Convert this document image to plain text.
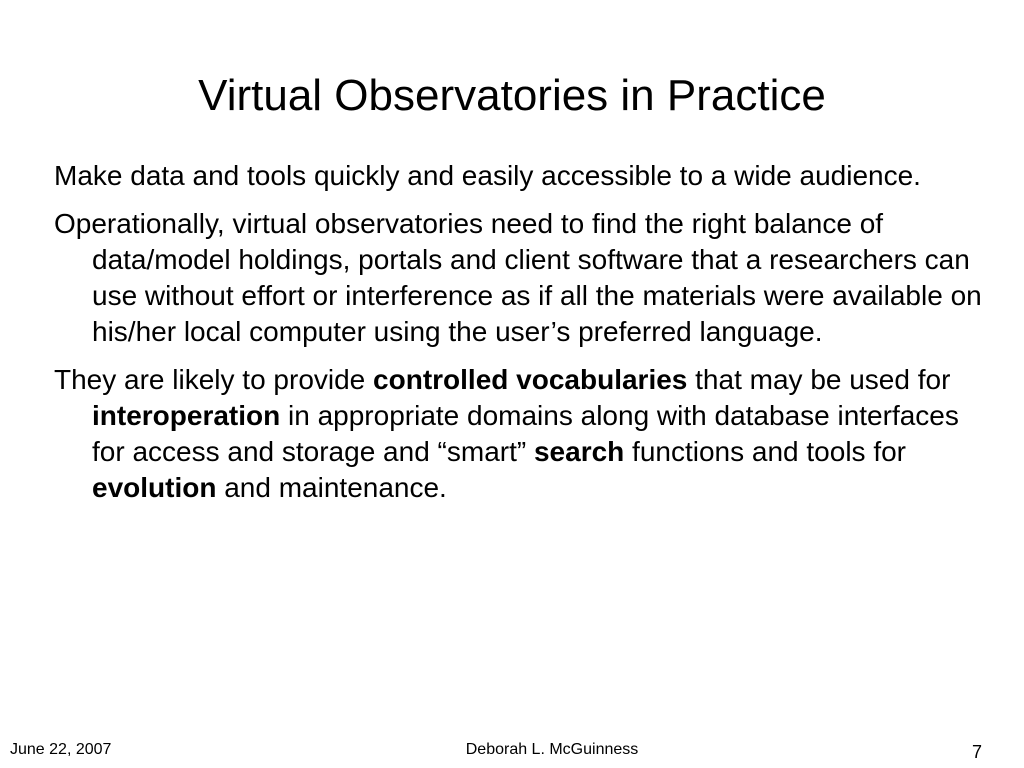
Virtual Observatories in Practice

Make data and tools quickly and easily accessible to a wide audience.

Operationally, virtual observatories need to find the right balance of data/model holdings, portals and client software that a researchers can use without effort or interference as if all the materials were available on his/her local computer using the user’s preferred language.

They are likely to provide controlled vocabularies that may be used for interoperation in appropriate domains along with database interfaces for access and storage and “smart” search functions and tools for evolution and maintenance.

June 22, 2007	Deborah L. McGuinness	7
